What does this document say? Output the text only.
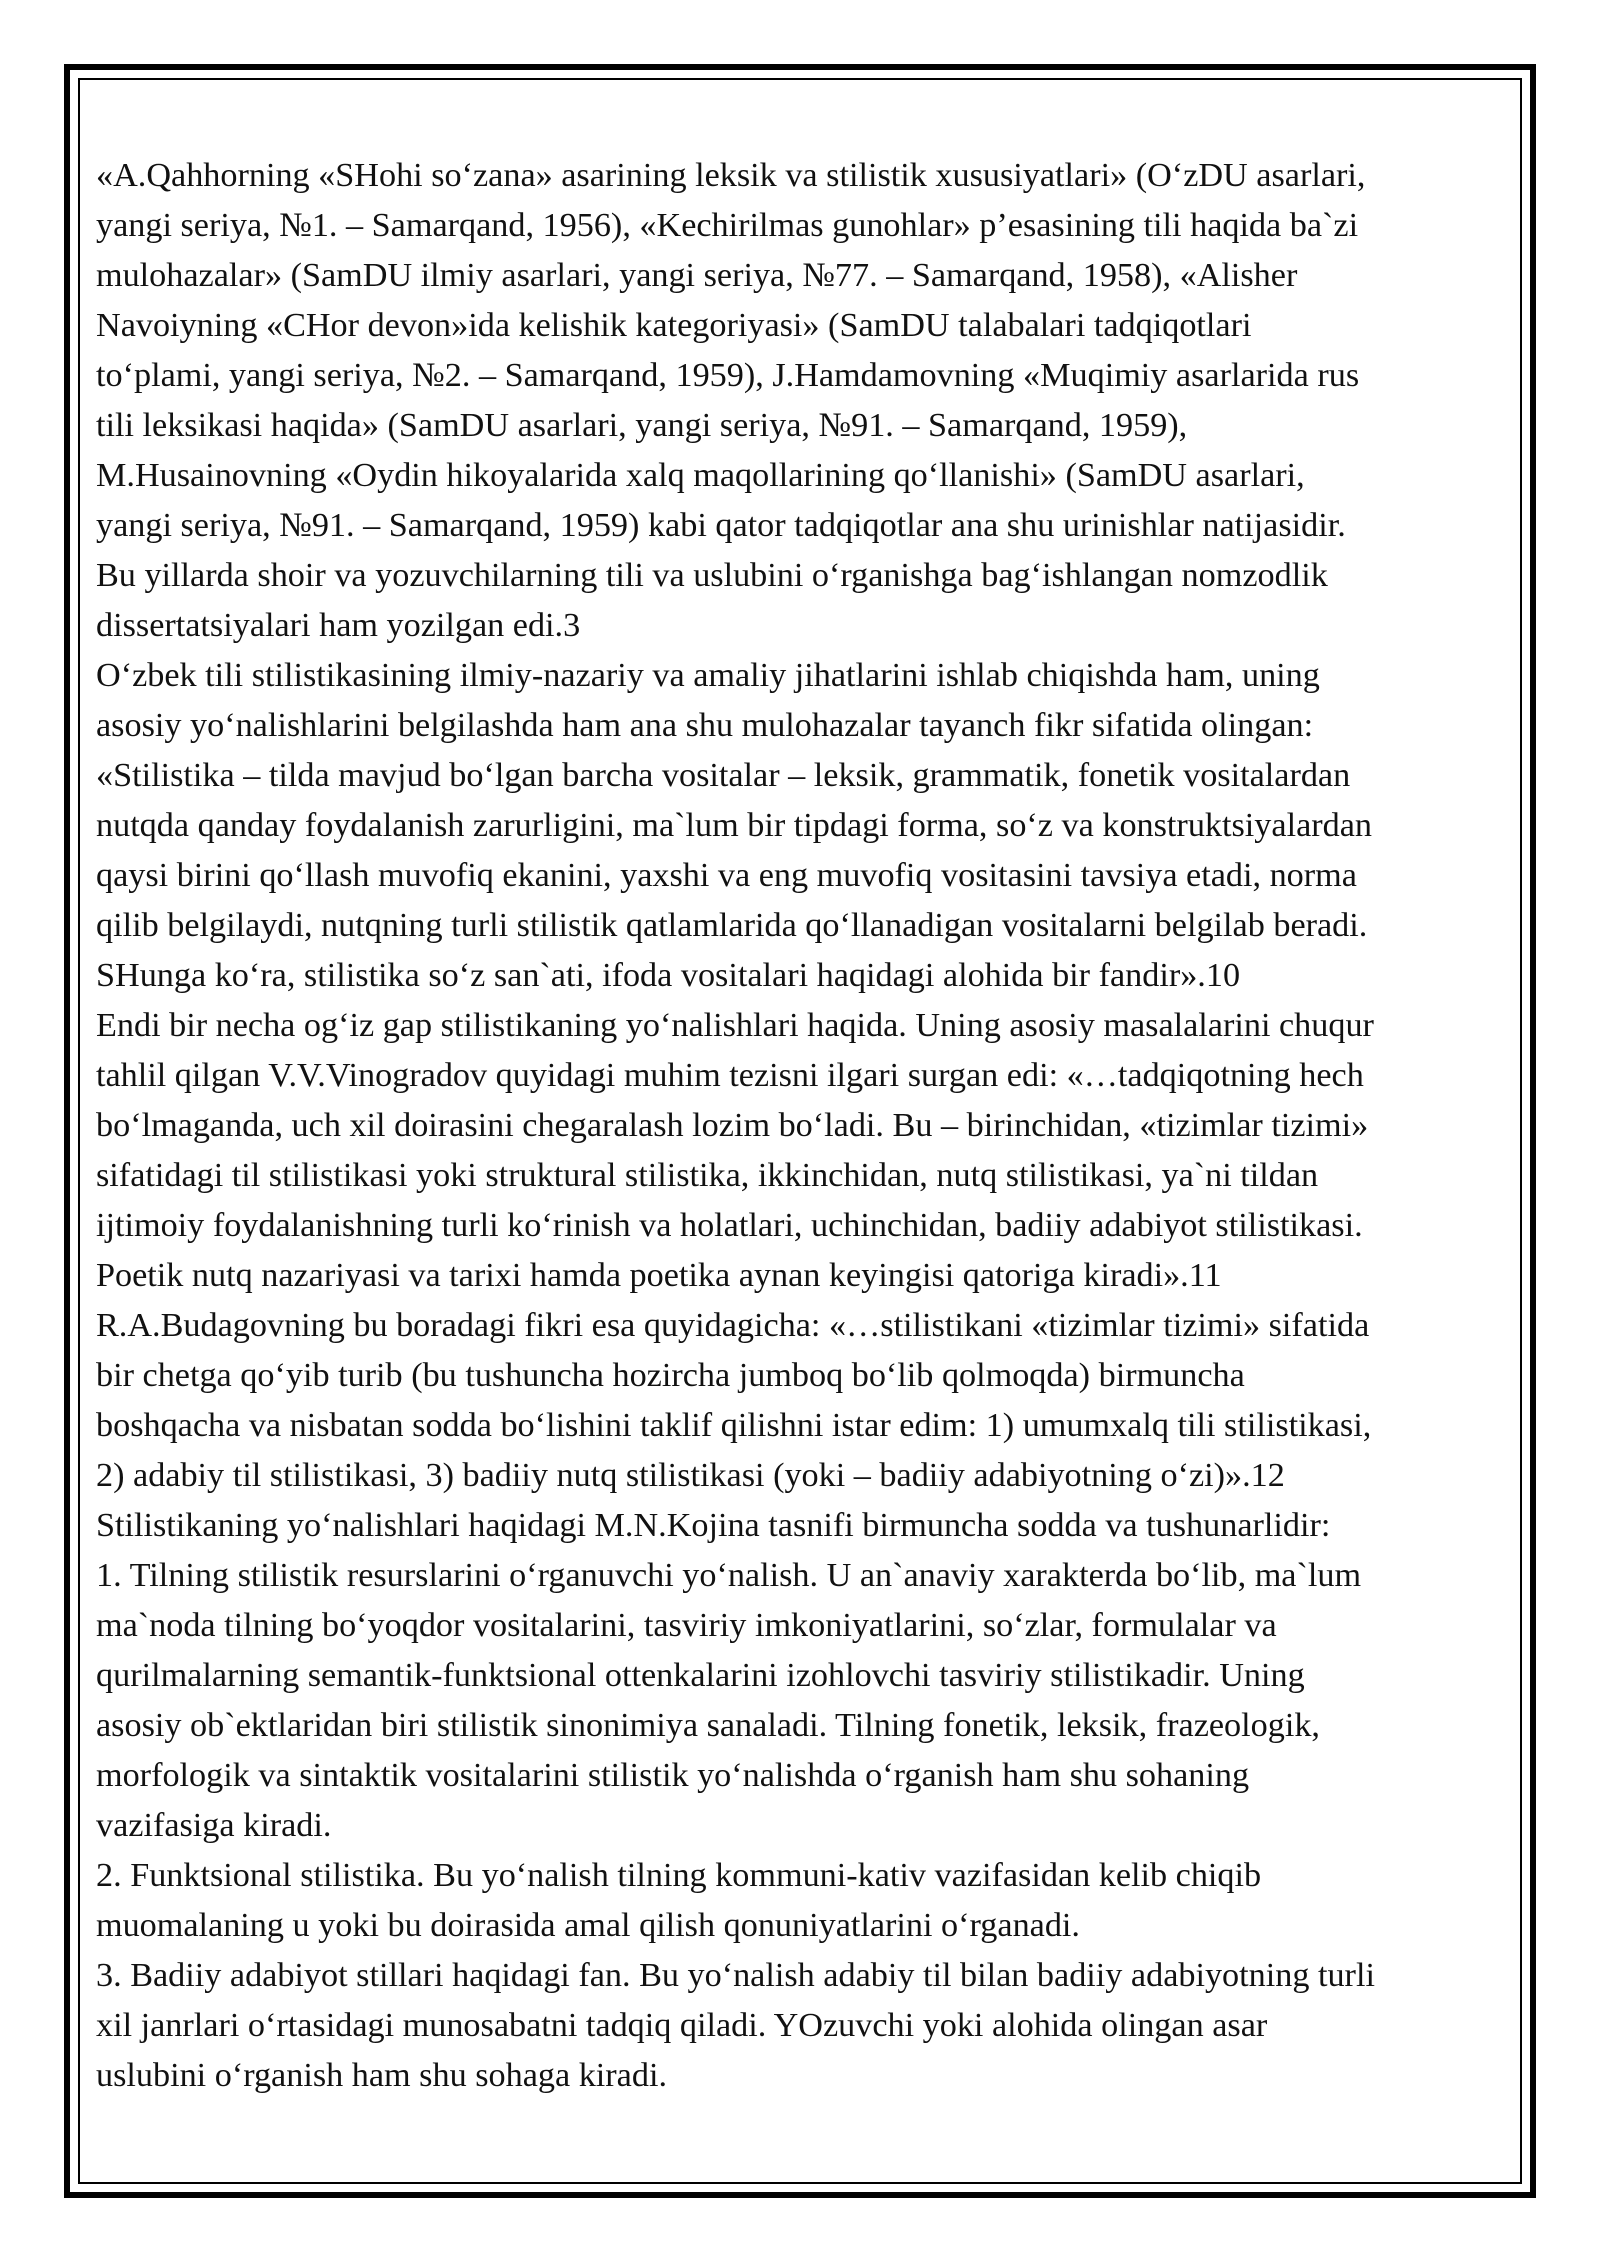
«A.Qahhorning «SHohi so‘zana» asarining leksik va stilistik xususiyatlari» (O‘zDU asarlari,
yangi seriya, №1. – Samarqand, 1956), «Kechirilmas gunohlar» p’esasining tili haqida ba`zi
mulohazalar» (SamDU ilmiy asarlari, yangi seriya, №77. – Samarqand, 1958), «Alisher
Navoiyning «CHor devon»ida kelishik kategoriyasi» (SamDU talabalari tadqiqotlari
to‘plami, yangi seriya, №2. – Samarqand, 1959), J.Hamdamovning «Muqimiy asarlarida rus
tili leksikasi haqida» (SamDU asarlari, yangi seriya, №91. – Samarqand, 1959),
M.Husainovning «Oydin hikoyalarida xalq maqollarining qo‘llanishi» (SamDU asarlari,
yangi seriya, №91. – Samarqand, 1959) kabi qator tadqiqotlar ana shu urinishlar natijasidir.
Bu yillarda shoir va yozuvchilarning tili va uslubini o‘rganishga bag‘ishlangan nomzodlik
dissertatsiyalari ham yozilgan edi.3
O‘zbek tili stilistikasining ilmiy-nazariy va amaliy jihatlarini ishlab chiqishda ham, uning
asosiy yo‘nalishlarini belgilashda ham ana shu mulohazalar tayanch fikr sifatida olingan:
«Stilistika – tilda mavjud bo‘lgan barcha vositalar – leksik, grammatik, fonetik vositalardan
nutqda qanday foydalanish zarurligini, ma`lum bir tipdagi forma, so‘z va konstruktsiyalardan
qaysi birini qo‘llash muvofiq ekanini, yaxshi va eng muvofiq vositasini tavsiya etadi, norma
qilib belgilaydi, nutqning turli stilistik qatlamlarida qo‘llanadigan vositalarni belgilab beradi.
SHunga ko‘ra, stilistika so‘z san`ati, ifoda vositalari haqidagi alohida bir fandir».10
Endi bir necha og‘iz gap stilistikaning yo‘nalishlari haqida. Uning asosiy masalalarini chuqur
tahlil qilgan V.V.Vinogradov quyidagi muhim tezisni ilgari surgan edi: «…tadqiqotning hech
bo‘lmaganda, uch xil doirasini chegaralash lozim bo‘ladi. Bu – birinchidan, «tizimlar tizimi»
sifatidagi til stilistikasi yoki struktural stilistika, ikkinchidan, nutq stilistikasi, ya`ni tildan
ijtimoiy foydalanishning turli ko‘rinish va holatlari, uchinchidan, badiiy adabiyot stilistikasi.
Poetik nutq nazariyasi va tarixi hamda poetika aynan keyingisi qatoriga kiradi».11
R.A.Budagovning bu boradagi fikri esa quyidagicha: «…stilistikani «tizimlar tizimi» sifatida
bir chetga qo‘yib turib (bu tushuncha hozircha jumboq bo‘lib qolmoqda) birmuncha
boshqacha va nisbatan sodda bo‘lishini taklif qilishni istar edim: 1) umumxalq tili stilistikasi,
2) adabiy til stilistikasi, 3) badiiy nutq stilistikasi (yoki – badiiy adabiyotning o‘zi)».12
Stilistikaning yo‘nalishlari haqidagi M.N.Kojina tasnifi birmuncha sodda va tushunarlidir:
1. Tilning stilistik resurslarini o‘rganuvchi yo‘nalish. U an`anaviy xarakterda bo‘lib, ma`lum
ma`noda tilning bo‘yoqdor vositalarini, tasviriy imkoniyatlarini, so‘zlar, formulalar va
qurilmalarning semantik-funktsional ottenkalarini izohlovchi tasviriy stilistikadir. Uning
asosiy ob`ektlaridan biri stilistik sinonimiya sanaladi. Tilning fonetik, leksik, frazeologik,
morfologik va sintaktik vositalarini stilistik yo‘nalishda o‘rganish ham shu sohaning
vazifasiga kiradi.
2. Funktsional stilistika. Bu yo‘nalish tilning kommuni-kativ vazifasidan kelib chiqib
muomalaning u yoki bu doirasida amal qilish qonuniyatlarini o‘rganadi.
3. Badiiy adabiyot stillari haqidagi fan. Bu yo‘nalish adabiy til bilan badiiy adabiyotning turli
xil janrlari o‘rtasidagi munosabatni tadqiq qiladi. YOzuvchi yoki alohida olingan asar
uslubini o‘rganish ham shu sohaga kiradi.
